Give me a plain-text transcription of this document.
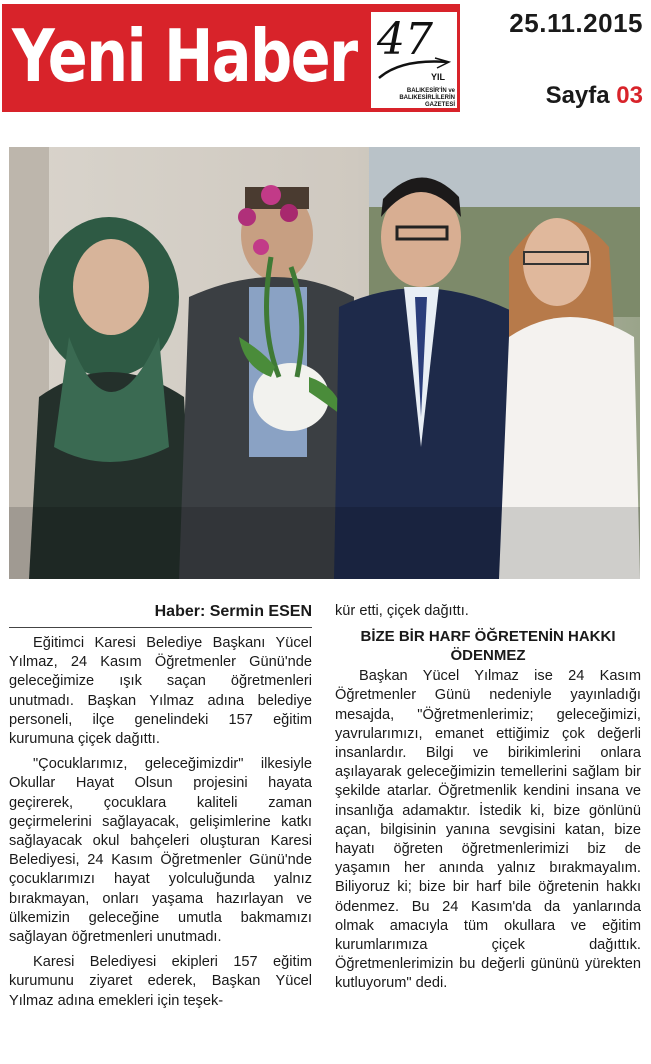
Yeni Haber 47
YIL
BALIKESİR'İN ve BALIKESİRLİLERİN GAZETESİ
25.11.2015
Sayfa 03
Haber: Sermin ESEN

Eğitimci Karesi Belediye Başkanı Yücel Yılmaz, 24 Kasım Öğretmenler Günü'nde geleceğimize ışık saçan öğretmenleri unutmadı. Başkan Yılmaz adına belediye personeli, ilçe genelindeki 157 eğitim kurumuna çiçek dağıttı.

"Çocuklarımız, geleceğimizdir" ilkesiyle Okullar Hayat Olsun projesini hayata geçirerek, çocuklara kaliteli zaman geçirmelerini sağlayacak, gelişimlerine katkı sağlayacak okul bahçeleri oluşturan Karesi Belediyesi, 24 Kasım Öğretmenler Günü'nde çocuklarımızı hayat yolculuğunda yalnız bırakmayan, onları yaşama hazırlayan ve ülkemizin geleceğine umutla bakmamızı sağlayan öğretmenleri unutmadı.

Karesi Belediyesi ekipleri 157 eğitim kurumunu ziyaret ederek, Başkan Yücel Yılmaz adına emekleri için teşek-

kür etti, çiçek dağıttı.

BİZE BİR HARF ÖĞRETENİN HAKKI ÖDENMEZ

Başkan Yücel Yılmaz ise 24 Kasım Öğretmenler Günü nedeniyle yayınladığı mesajda, "Öğretmenlerimiz; geleceğimizi, yavrularımızı, emanet ettiğimiz çok değerli insanlardır. Bilgi ve birikimlerini onlara aşılayarak geleceğimizin temellerini sağlam bir şekilde atarlar. Öğretmenlik kendini insana ve insanlığa adamaktır. İstedik ki, bize gönlünü açan, bilgisinin yanına sevgisini katan, bize hayatı öğreten öğretmenlerimizi biz de yaşamın her anında yalnız bırakmayalım. Biliyoruz ki; bize bir harf bile öğretenin hakkı ödenmez. Bu 24 Kasım'da da yanlarında olmak amacıyla tüm okullara ve eğitim kurumlarımıza çiçek dağıttık. Öğretmenlerimizin bu değerli gününü yürekten kutluyorum" dedi.
